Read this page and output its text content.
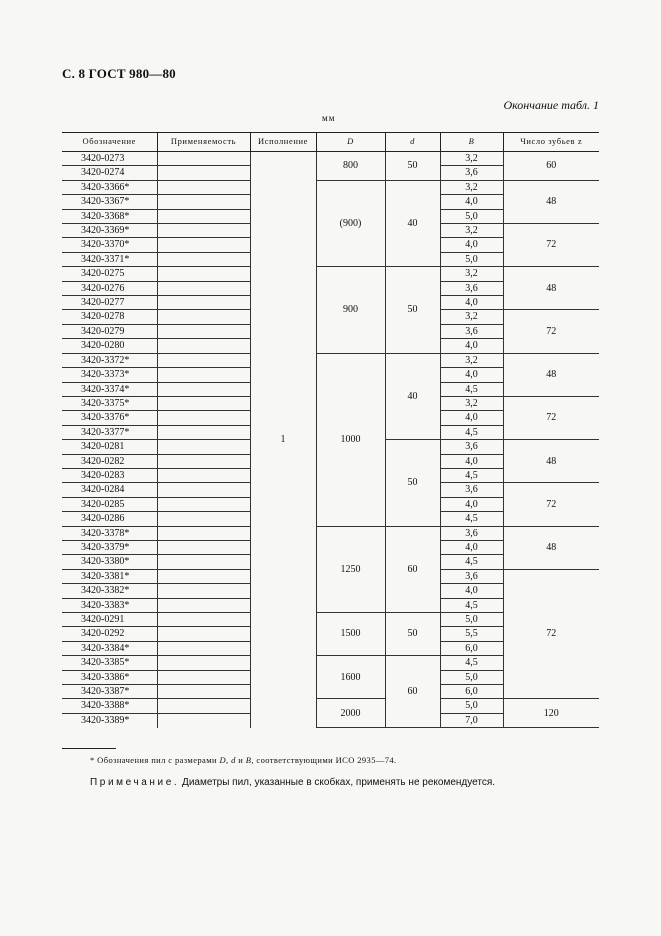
С. 8 ГОСТ 980—80
Окончание табл. 1
мм
Обозначение	Применяемость	Исполнение	D	d	B	Число зубьев z
3420-0273		1	800	50	3,2	60
3420-0274					3,6	
3420-3366*			(900)	40	3,2	48
3420-3367*					4,0	
3420-3368*					5,0	
3420-3369*					3,2	72
3420-3370*					4,0	
3420-3371*					5,0	
3420-0275			900	50	3,2	48
3420-0276					3,6	
3420-0277					4,0	
3420-0278					3,2	72
3420-0279					3,6	
3420-0280					4,0	
3420-3372*			1000	40	3,2	48
3420-3373*					4,0	
3420-3374*					4,5	
3420-3375*					3,2	72
3420-3376*					4,0	
3420-3377*					4,5	
3420-0281				50	3,6	48
3420-0282					4,0	
3420-0283					4,5	
3420-0284					3,6	72
3420-0285					4,0	
3420-0286					4,5	
3420-3378*			1250	60	3,6	48
3420-3379*					4,0	
3420-3380*					4,5	
3420-3381*					3,6	72
3420-3382*					4,0	
3420-3383*					4,5	
3420-0291			1500	50	5,0	
3420-0292					5,5	
3420-3384*					6,0	
3420-3385*			1600	60	4,5	
3420-3386*					5,0	
3420-3387*					6,0	
3420-3388*			2000		5,0	120
3420-3389*					7,0	
* Обозначения пил с размерами D, d и B, соответствующими ИСО 2935—74.
Примечание. Диаметры пил, указанные в скобках, применять не рекомендуется.
